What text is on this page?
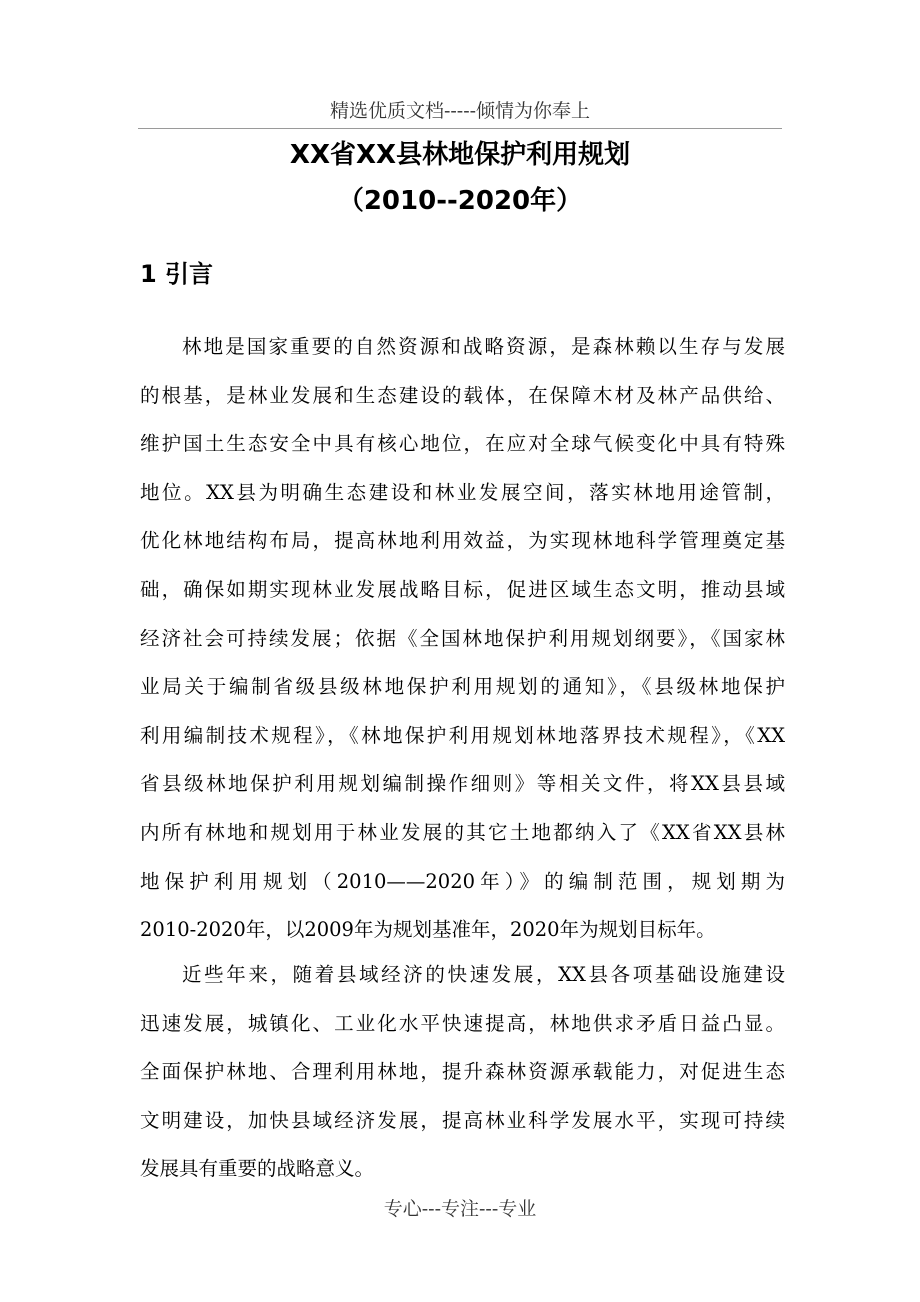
精选优质文档-----倾情为你奉上
XX省XX县林地保护利用规划
（2010--2020年）
1 引言
林地是国家重要的自然资源和战略资源，是森林赖以生存与发展
的根基，是林业发展和生态建设的载体，在保障木材及林产品供给、
维护国土生态安全中具有核心地位，在应对全球气候变化中具有特殊
地位。XX县为明确生态建设和林业发展空间，落实林地用途管制，
优化林地结构布局，提高林地利用效益，为实现林地科学管理奠定基
础，确保如期实现林业发展战略目标，促进区域生态文明，推动县域
经济社会可持续发展；依据《全国林地保护利用规划纲要》，《国家林
业局关于编制省级县级林地保护利用规划的通知》，《县级林地保护
利用编制技术规程》，《林地保护利用规划林地落界技术规程》，《XX
省县级林地保护利用规划编制操作细则》等相关文件，将XX县县域
内所有林地和规划用于林业发展的其它土地都纳入了《XX省XX县林
地保护利用规划（2010——2020年）》的编制范围，规划期为
2010-2020年，以2009年为规划基准年，2020年为规划目标年。
近些年来，随着县域经济的快速发展，XX县各项基础设施建设
迅速发展，城镇化、工业化水平快速提高，林地供求矛盾日益凸显。
全面保护林地、合理利用林地，提升森林资源承载能力，对促进生态
文明建设，加快县域经济发展，提高林业科学发展水平，实现可持续
发展具有重要的战略意义。
专心---专注---专业
